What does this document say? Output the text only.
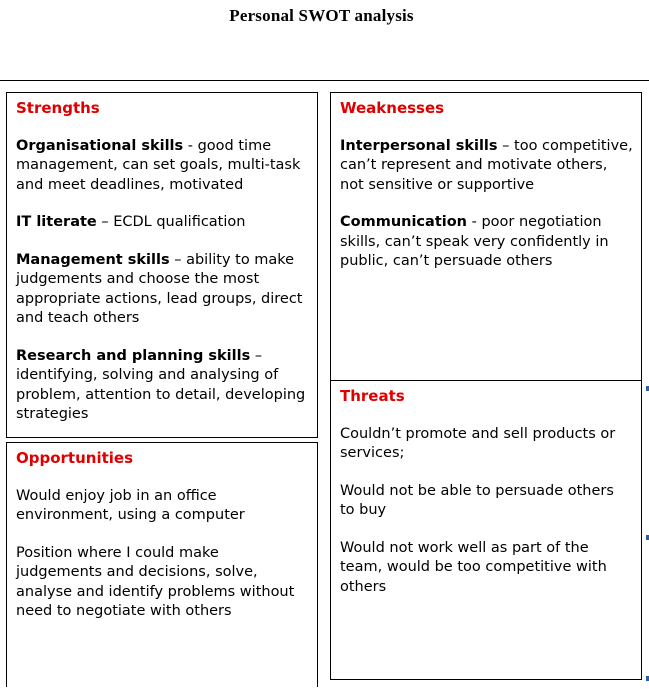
Personal SWOT analysis
Strengths
Organisational skills - good time management, can set goals, multi-task and meet deadlines, motivated
IT literate – ECDL qualification
Management skills – ability to make judgements and choose the most appropriate actions, lead groups, direct and teach others
Research and planning skills – identifying, solving and analysing of problem, attention to detail, developing strategies
Opportunities
Would enjoy job in an office environment, using a computer
Position where I could make judgements and decisions, solve, analyse and identify problems without need to negotiate with others
Weaknesses
Interpersonal skills – too competitive, can’t represent and motivate others, not sensitive or supportive
Communication - poor negotiation skills, can’t speak very confidently in public, can’t persuade others
Threats
Couldn’t promote and sell products or services;
Would not be able to persuade others to buy
Would not work well as part of the team, would be too competitive with others
